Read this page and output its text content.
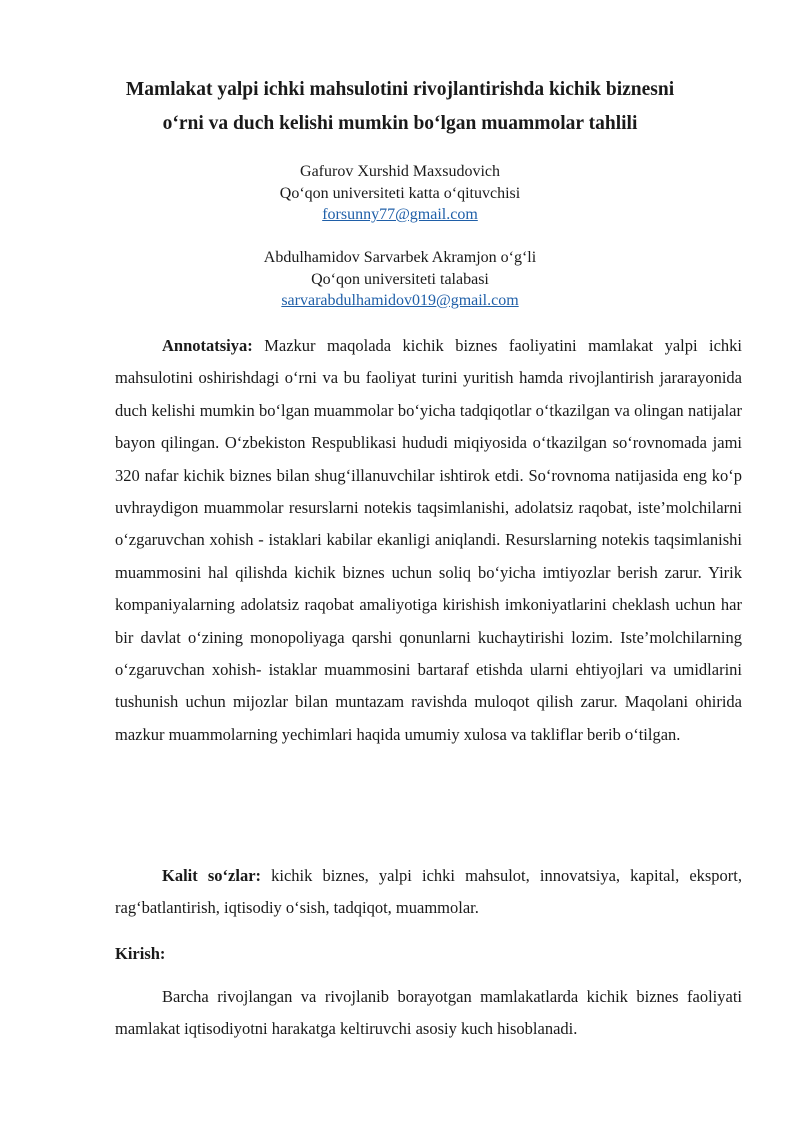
Mamlakat yalpi ichki mahsulotini rivojlantirishda kichik biznesni
o‘rni va duch kelishi mumkin bo‘lgan muammolar tahlili
Gafurov Xurshid Maxsudovich
Qo‘qon universiteti katta o‘qituvchisi
forsunny77@gmail.com
Abdulhamidov Sarvarbek Akramjon o‘g‘li
Qo‘qon universiteti talabasi
sarvarabdulhamidov019@gmail.com

Annotatsiya: Mazkur maqolada kichik biznes faoliyatini mamlakat yalpi ichki mahsulotini oshirishdagi o‘rni va bu faoliyat turini yuritish hamda rivojlantirish jararayonida duch kelishi mumkin bo‘lgan muammolar bo‘yicha tadqiqotlar o‘tkazilgan va olingan natijalar bayon qilingan. O‘zbekiston Respublikasi hududi miqiyosida o‘tkazilgan so‘rovnomada jami 320 nafar kichik biznes bilan shug‘illanuvchilar ishtirok etdi. So‘rovnoma natijasida eng ko‘p uvhraydigon muammolar resurslarni notekis taqsimlanishi, adolatsiz raqobat, iste’molchilarni o‘zgaruvchan xohish - istaklari kabilar ekanligi aniqlandi. Resurslarning notekis taqsimlanishi muammosini hal qilishda kichik biznes uchun soliq bo‘yicha imtiyozlar berish zarur. Yirik kompaniyalarning adolatsiz raqobat amaliyotiga kirishish imkoniyatlarini cheklash uchun har bir davlat o‘zining monopoliyaga qarshi qonunlarni kuchaytirishi lozim. Iste’molchilarning o‘zgaruvchan xohish- istaklar muammosini bartaraf etishda ularni ehtiyojlari va umidlarini tushunish uchun mijozlar bilan muntazam ravishda muloqot qilish zarur. Maqolani ohirida mazkur muammolarning yechimlari haqida umumiy xulosa va takliflar berib o‘tilgan.

Kalit so‘zlar: kichik biznes, yalpi ichki mahsulot, innovatsiya, kapital, eksport, rag‘batlantirish, iqtisodiy o‘sish, tadqiqot, muammolar.

Kirish:

Barcha rivojlangan va rivojlanib borayotgan mamlakatlarda kichik biznes faoliyati mamlakat iqtisodiyotni harakatga keltiruvchi asosiy kuch hisoblanadi.
